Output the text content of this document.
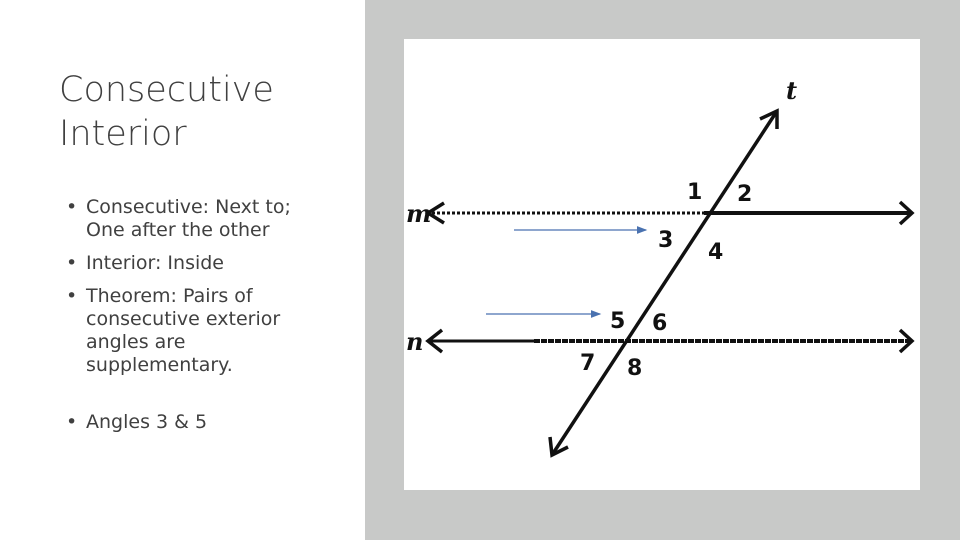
Consecutive
Interior
• Consecutive: Next to;
One after the other
• Interior: Inside
• Theorem: Pairs of
consecutive exterior
angles are
supplementary.
• Angles 3 & 5
t
m
n
1 2
3 4
5 6
7 8
